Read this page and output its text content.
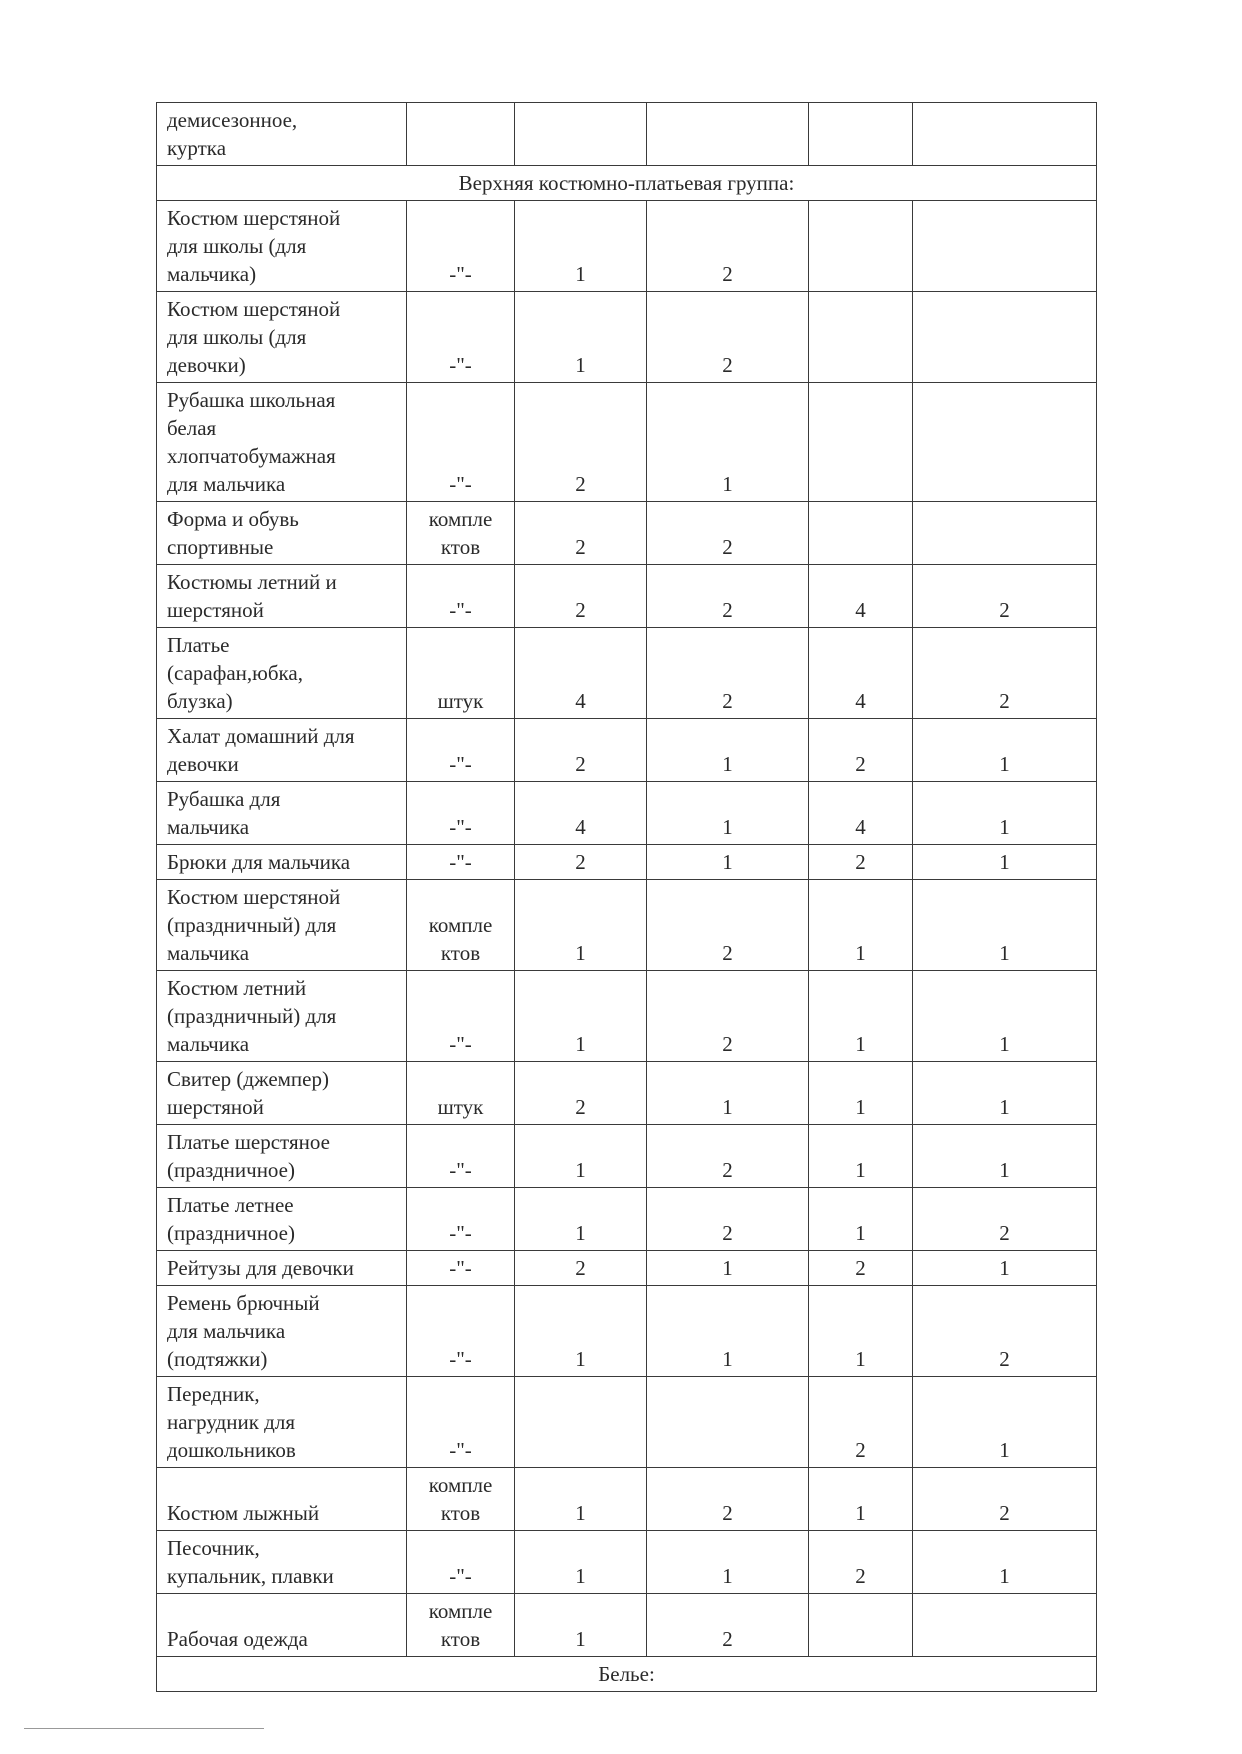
демисезонное,
куртка					
Верхняя костюмно-платьевая группа:					
Костюм шерстяной
для школы (для
мальчика)	-"-	1	2		
Костюм шерстяной
для школы (для
девочки)	-"-	1	2		
Рубашка школьная
белая
хлопчатобумажная
для мальчика	-"-	2	1		
Форма и обувь
спортивные	компле
ктов	2	2		
Костюмы летний и
шерстяной	-"-	2	2	4	2
Платье
(сарафан,юбка,
блузка)	штук	4	2	4	2
Халат домашний для
девочки	-"-	2	1	2	1
Рубашка для
мальчика	-"-	4	1	4	1
Брюки для мальчика	-"-	2	1	2	1
Костюм шерстяной
(праздничный) для
мальчика	компле
ктов	1	2	1	1
Костюм летний
(праздничный) для
мальчика	-"-	1	2	1	1
Свитер (джемпер)
шерстяной	штук	2	1	1	1
Платье шерстяное
(праздничное)	-"-	1	2	1	1
Платье летнее
(праздничное)	-"-	1	2	1	2
Рейтузы для девочки	-"-	2	1	2	1
Ремень брючный
для мальчика
(подтяжки)	-"-	1	1	1	2
Передник,
нагрудник для
дошкольников	-"-			2	1
Костюм лыжный	компле
ктов	1	2	1	2
Песочник,
купальник, плавки	-"-	1	1	2	1
Рабочая одежда	компле
ктов	1	2		
Белье:					
